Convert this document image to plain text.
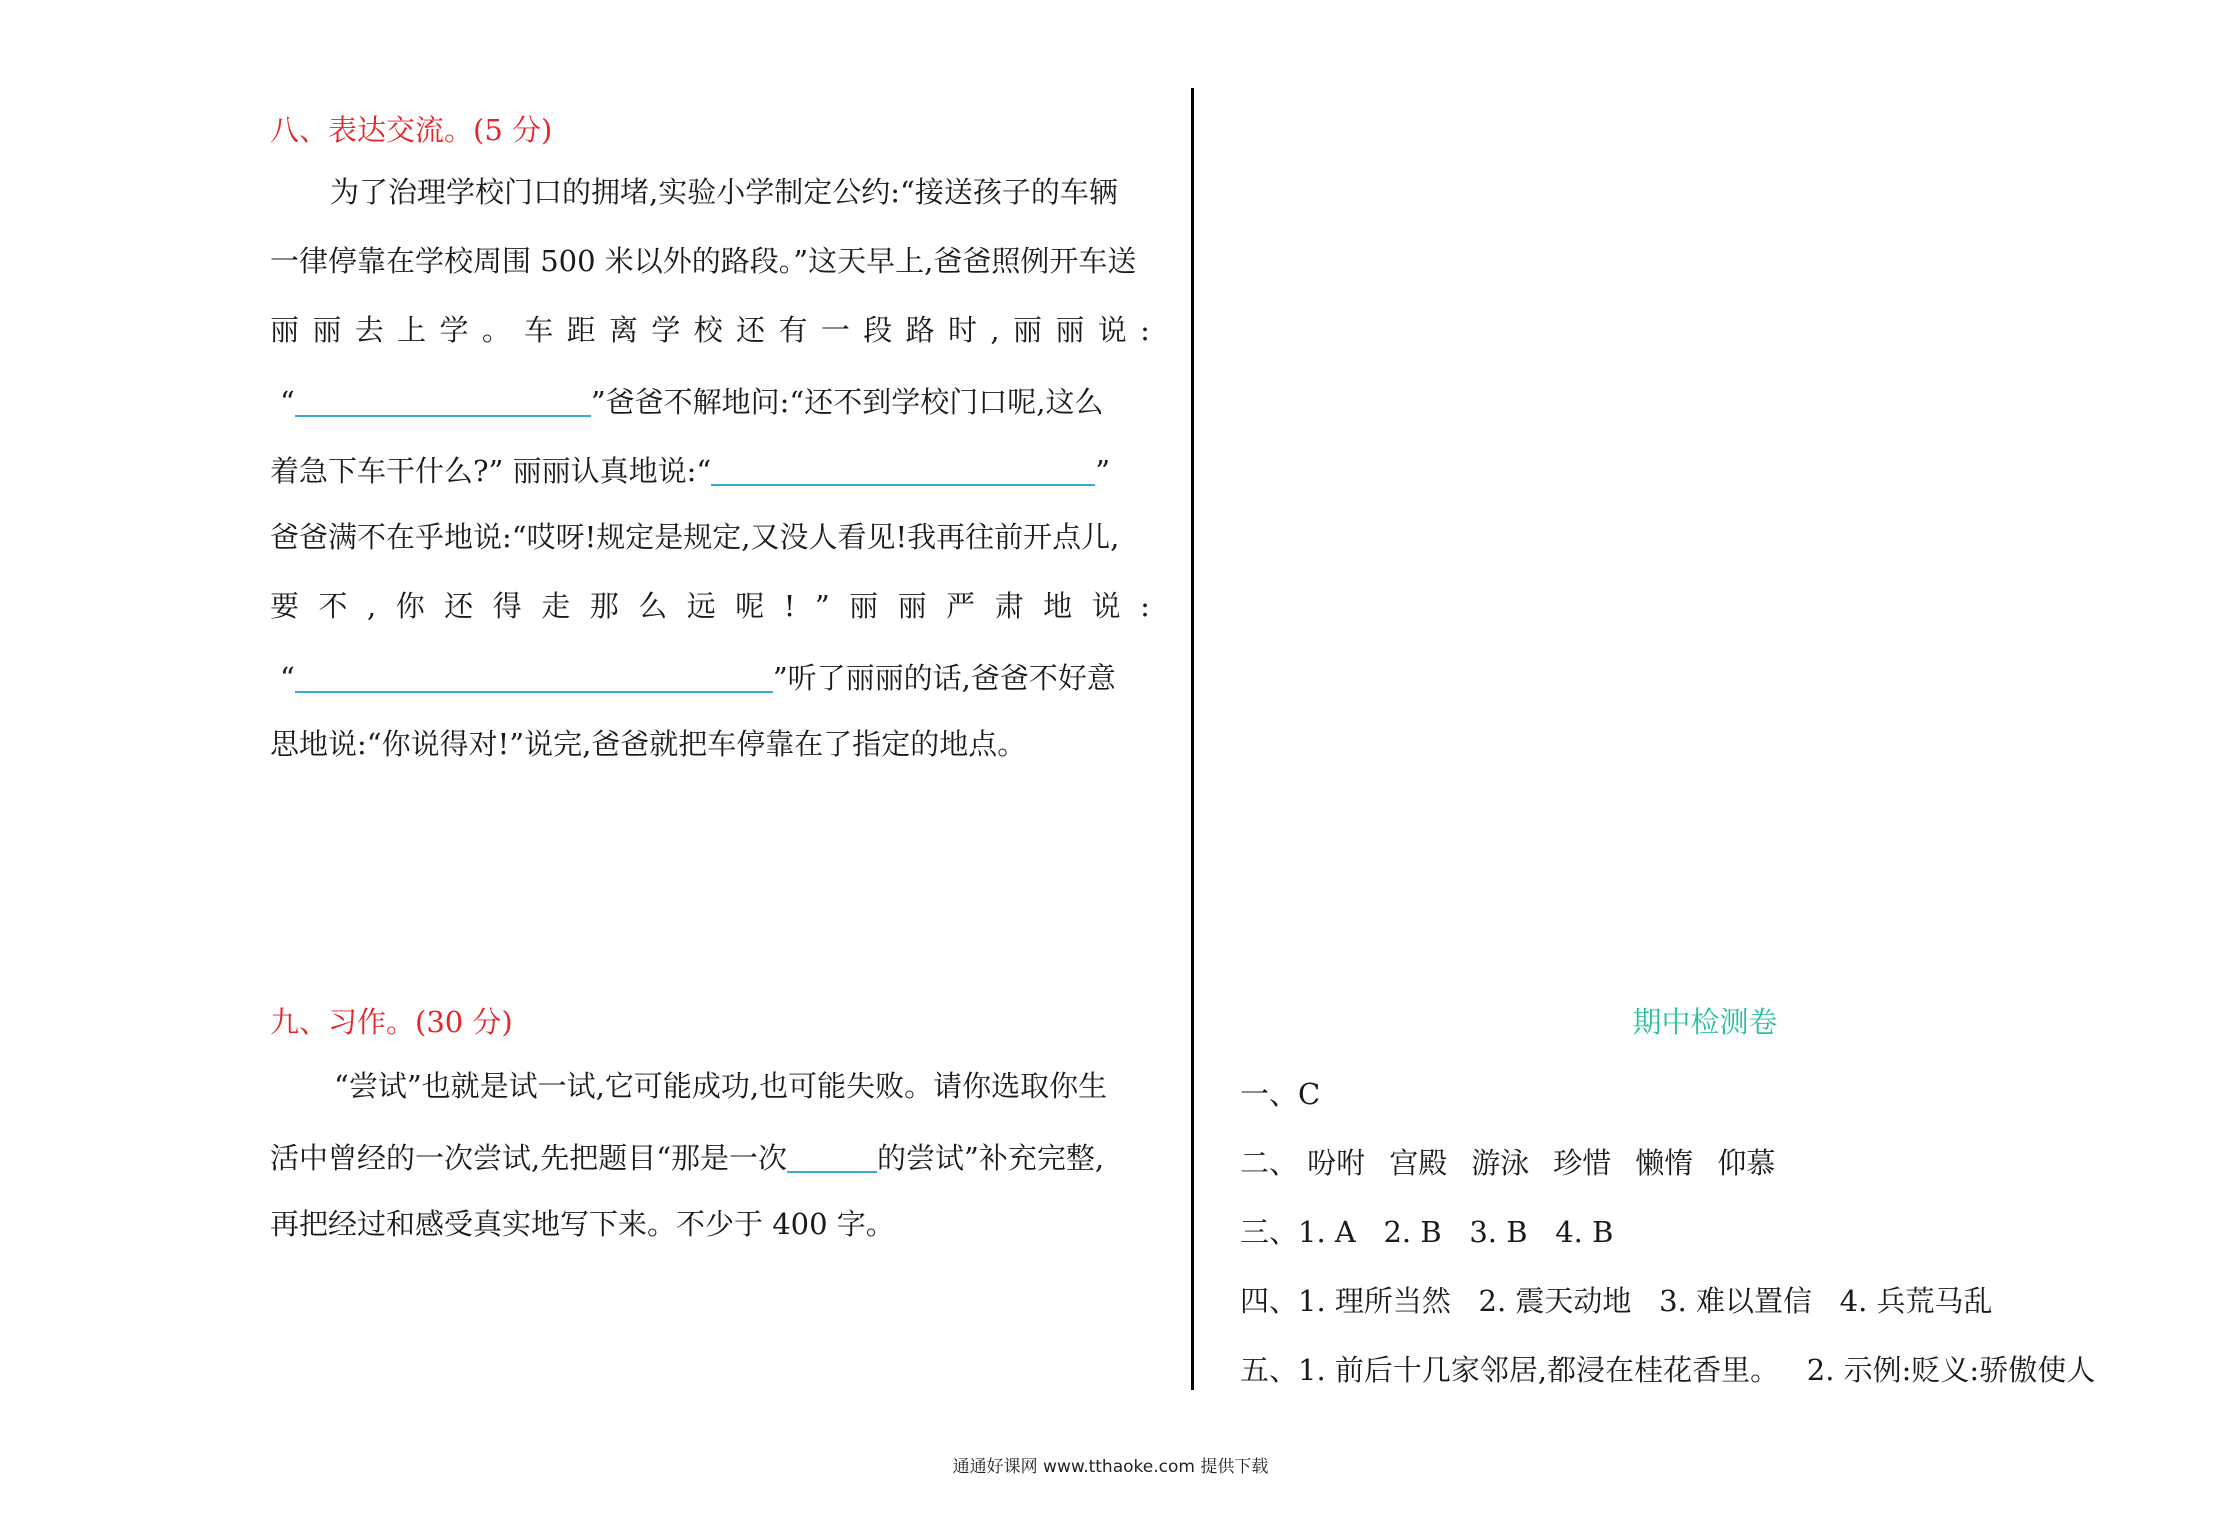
八、表达交流。(5 分)
为了治理学校门口的拥堵,实验小学制定公约:“接送孩子的车辆
一律停靠在学校周围 500 米以外的路段。”这天早上,爸爸照例开车送
丽 丽 去 上 学 。 车 距 离 学 校 还 有 一 段 路 时 , 丽 丽 说 :
“	”爸爸不解地问:“还不到学校门口呢,这么
着急下车干什么?” 丽丽认真地说:“	”
爸爸满不在乎地说:“哎呀!规定是规定,又没人看见!我再往前开点儿,
要 不 , 你 还 得 走 那 么 远 呢 ! ” 丽 丽 严 肃 地 说 :
“	”听了丽丽的话,爸爸不好意
思地说:“你说得对!”说完,爸爸就把车停靠在了指定的地点。
九、习作。(30 分)
“尝试”也就是试一试,它可能成功,也可能失败。请你选取你生
活中曾经的一次尝试,先把题目“那是一次	的尝试”补充完整,
再把经过和感受真实地写下来。不少于 400 字。
期中检测卷
一、C
二、 吩咐 宫殿 游泳 珍惜 懒惰 仰慕
三、1. A   2. B   3. B   4. B
四、1. 理所当然   2. 震天动地   3. 难以置信   4. 兵荒马乱
五、1. 前后十几家邻居,都浸在桂花香里。   2. 示例:贬义:骄傲使人
通通好课网 www.tthaoke.com 提供下载
